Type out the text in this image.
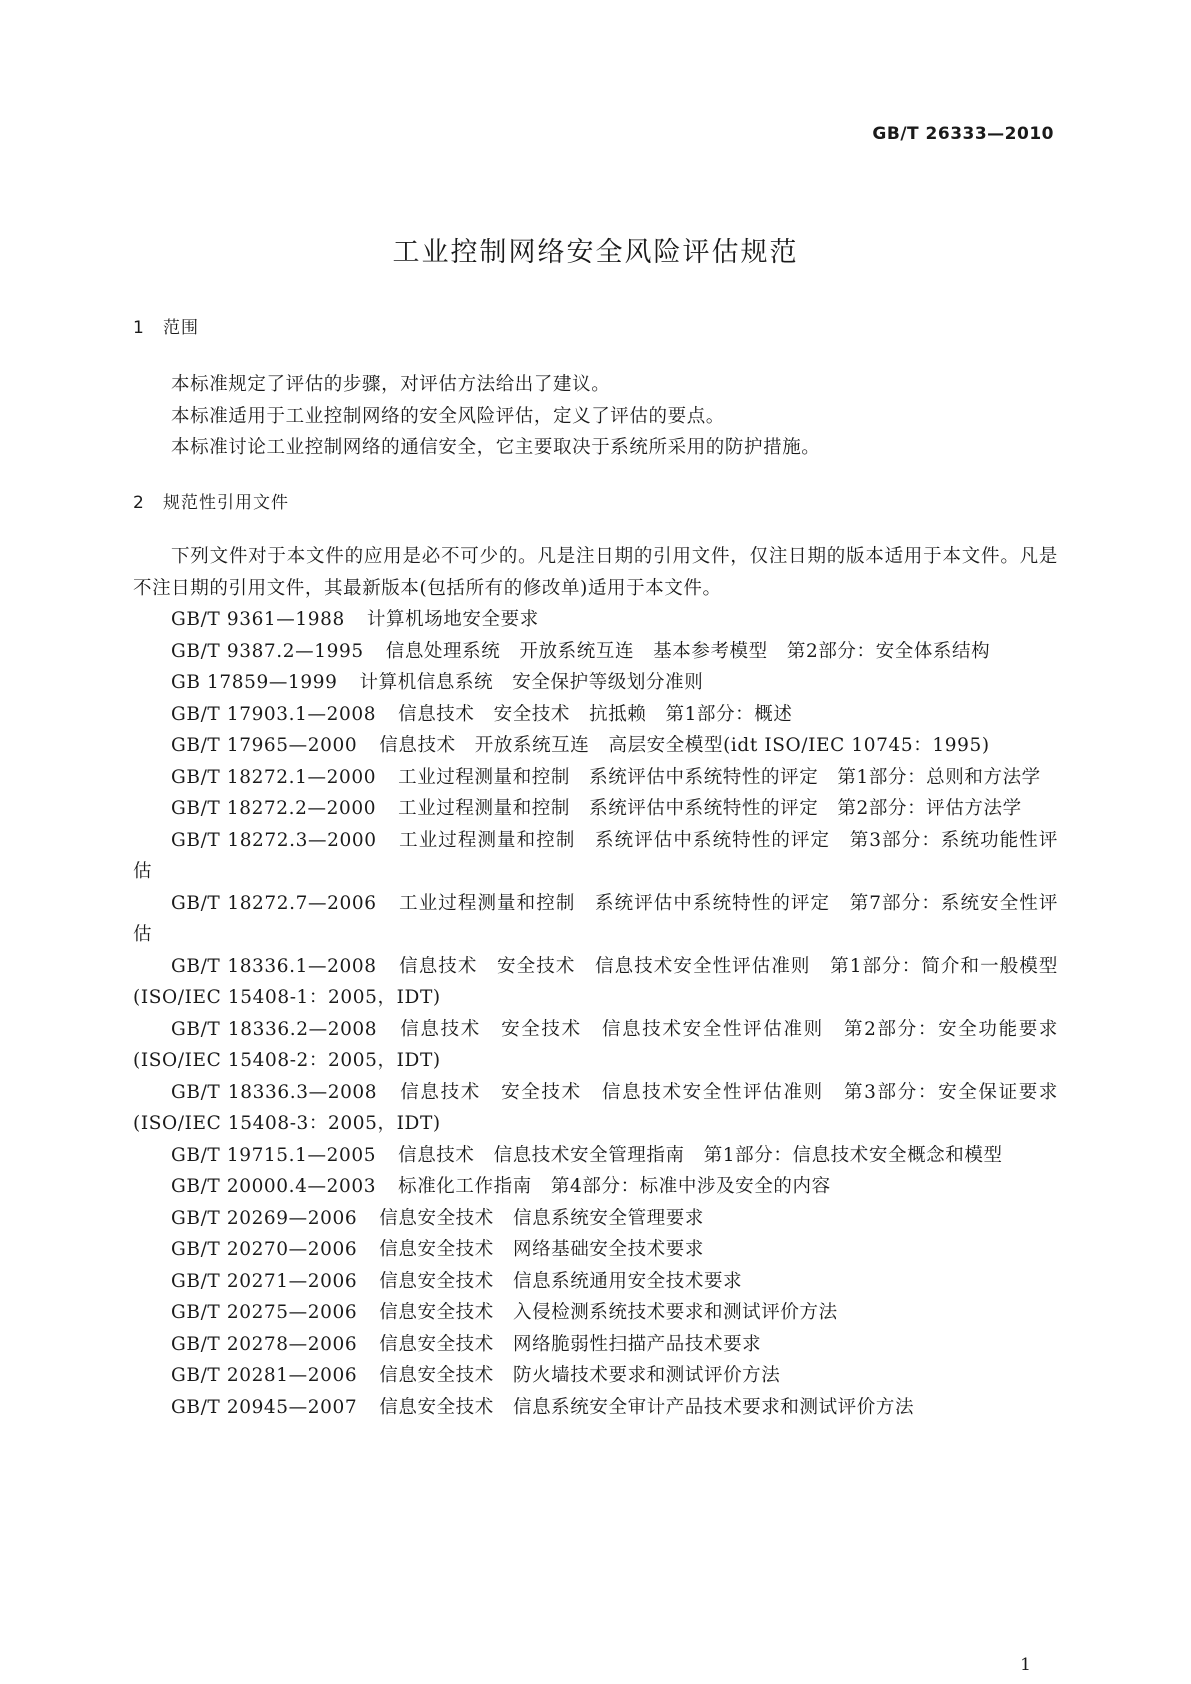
GB/T 26333—2010
工业控制网络安全风险评估规范
1 范围

本标准规定了评估的步骤，对评估方法给出了建议。

本标准适用于工业控制网络的安全风险评估，定义了评估的要点。

本标准讨论工业控制网络的通信安全，它主要取决于系统所采用的防护措施。

2 规范性引用文件

下列文件对于本文件的应用是必不可少的。凡是注日期的引用文件，仅注日期的版本适用于本文件。凡是不注日期的引用文件，其最新版本(包括所有的修改单)适用于本文件。

GB/T 9361—1988 计算机场地安全要求

GB/T 9387.2—1995 信息处理系统　开放系统互连　基本参考模型　第2部分：安全体系结构

GB 17859—1999 计算机信息系统　安全保护等级划分准则

GB/T 17903.1—2008 信息技术　安全技术　抗抵赖　第1部分：概述

GB/T 17965—2000 信息技术　开放系统互连　高层安全模型(idt ISO/IEC 10745：1995)

GB/T 18272.1—2000 工业过程测量和控制　系统评估中系统特性的评定　第1部分：总则和方法学

GB/T 18272.2—2000 工业过程测量和控制　系统评估中系统特性的评定　第2部分：评估方法学

GB/T 18272.3—2000 工业过程测量和控制　系统评估中系统特性的评定　第3部分：系统功能性评估

GB/T 18272.7—2006 工业过程测量和控制　系统评估中系统特性的评定　第7部分：系统安全性评估

GB/T 18336.1—2008 信息技术　安全技术　信息技术安全性评估准则　第1部分：简介和一般模型(ISO/IEC 15408-1：2005，IDT)

GB/T 18336.2—2008 信息技术　安全技术　信息技术安全性评估准则　第2部分：安全功能要求(ISO/IEC 15408-2：2005，IDT)

GB/T 18336.3—2008 信息技术　安全技术　信息技术安全性评估准则　第3部分：安全保证要求(ISO/IEC 15408-3：2005，IDT)

GB/T 19715.1—2005 信息技术　信息技术安全管理指南　第1部分：信息技术安全概念和模型

GB/T 20000.4—2003 标准化工作指南　第4部分：标准中涉及安全的内容

GB/T 20269—2006 信息安全技术　信息系统安全管理要求

GB/T 20270—2006 信息安全技术　网络基础安全技术要求

GB/T 20271—2006 信息安全技术　信息系统通用安全技术要求

GB/T 20275—2006 信息安全技术　入侵检测系统技术要求和测试评价方法

GB/T 20278—2006 信息安全技术　网络脆弱性扫描产品技术要求

GB/T 20281—2006 信息安全技术　防火墙技术要求和测试评价方法

GB/T 20945—2007 信息安全技术　信息系统安全审计产品技术要求和测试评价方法

1
